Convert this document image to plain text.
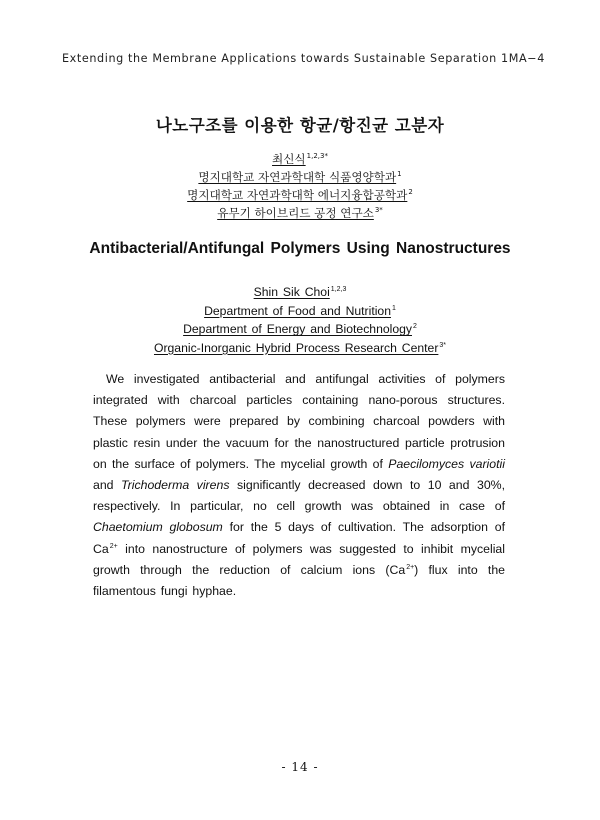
Extending the Membrane Applications towards Sustainable Separation 1MA−4
나노구조를 이용한 항균/항진균 고분자
최신식$^{1,2,3*}$
명지대학교 자연과학대학 식품영양학과$^1$
명지대학교 자연과학대학 에너지융합공학과$^2$
유무기 하이브리드 공정 연구소$^{3*}$
Antibacterial/Antifungal Polymers Using Nanostructures
Shin Sik Choi$^{1,2,3}$
Department of Food and Nutrition$^1$
Department of Energy and Biotechnology$^2$
Organic-Inorganic Hybrid Process Research Center$^{3*}$
We investigated antibacterial and antifungal activities of polymers integrated with charcoal particles containing nano-porous structures. These polymers were prepared by combining charcoal powders with plastic resin under the vacuum for the nanostructured particle protrusion on the surface of polymers. The mycelial growth of Paecilomyces variotii and Trichoderma virens significantly decreased down to 10 and 30%, respectively. In particular, no cell growth was obtained in case of Chaetomium globosum for the 5 days of cultivation. The adsorption of $Ca^{2+}$ into nanostructure of polymers was suggested to inhibit mycelial growth through the reduction of calcium ions $(Ca^{2+})$ flux into the filamentous fungi hyphae.
- 14 -
